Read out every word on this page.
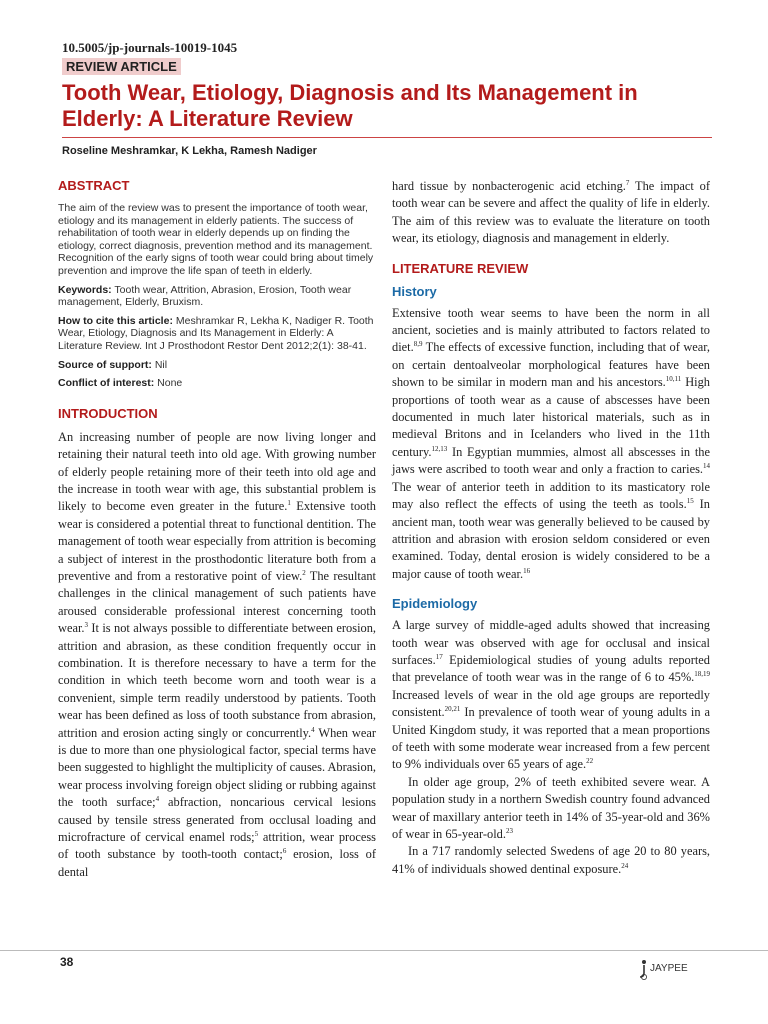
10.5005/jp-journals-10019-1045
REVIEW ARTICLE
Tooth Wear, Etiology, Diagnosis and Its Management in Elderly: A Literature Review
Roseline Meshramkar, K Lekha, Ramesh Nadiger

ABSTRACT

The aim of the review was to present the importance of tooth wear, etiology and its management in elderly patients. The success of rehabilitation of tooth wear in elderly depends up on finding the etiology, correct diagnosis, prevention method and its management. Recognition of the early signs of tooth wear could bring about timely prevention and improve the life span of teeth in elderly.

Keywords: Tooth wear, Attrition, Abrasion, Erosion, Tooth wear management, Elderly, Bruxism.

How to cite this article: Meshramkar R, Lekha K, Nadiger R. Tooth Wear, Etiology, Diagnosis and Its Management in Elderly: A Literature Review. Int J Prosthodont Restor Dent 2012;2(1): 38-41.

Source of support: Nil

Conflict of interest: None

INTRODUCTION

An increasing number of people are now living longer and retaining their natural teeth into old age. With growing number of elderly people retaining more of their teeth into old age and the increase in tooth wear with age, this substantial problem is likely to become even greater in the future.$^1$ Extensive tooth wear is considered a potential threat to functional dentition. The management of tooth wear especially from attrition is becoming a subject of interest in the prosthodontic literature both from a preventive and from a restorative point of view.$^2$ The resultant challenges in the clinical management of such patients have aroused considerable professional interest concerning tooth wear.$^3$ It is not always possible to differentiate between erosion, attrition and abrasion, as these condition frequently occur in combination. It is therefore necessary to have a term for the condition in which teeth become worn and tooth wear is a convenient, simple term readily understood by patients. Tooth wear has been defined as loss of tooth substance from abrasion, attrition and erosion acting singly or concurrently.$^4$ When wear is due to more than one physiological factor, special terms have been suggested to highlight the multiplicity of causes. Abrasion, wear process involving foreign object sliding or rubbing against the tooth surface;$^4$ abfraction, noncarious cervical lesions caused by tensile stress generated from occlusal loading and microfracture of cervical enamel rods;$^5$ attrition, wear process of tooth substance by tooth-tooth contact;$^6$ erosion, loss of dental

hard tissue by nonbacterogenic acid etching.$^7$ The impact of tooth wear can be severe and affect the quality of life in elderly. The aim of this review was to evaluate the literature on tooth wear, its etiology, diagnosis and management in elderly.

LITERATURE REVIEW

History

Extensive tooth wear seems to have been the norm in all ancient, societies and is mainly attributed to factors related to diet.$^{8,9}$ The effects of excessive function, including that of wear, on certain dentoalveolar morphological features have been shown to be similar in modern man and his ancestors.$^{10,11}$ High proportions of tooth wear as a cause of abscesses have been documented in much later historical materials, such as in medieval Britons and in Icelanders who lived in the 11th century.$^{12,13}$ In Egyptian mummies, almost all abscesses in the jaws were ascribed to tooth wear and only a fraction to caries.$^{14}$ The wear of anterior teeth in addition to its masticatory role may also reflect the effects of using the teeth as tools.$^{15}$ In ancient man, tooth wear was generally believed to be caused by attrition and abrasion with erosion seldom considered or even examined. Today, dental erosion is widely considered to be a major cause of tooth wear.$^{16}$

Epidemiology

A large survey of middle-aged adults showed that increasing tooth wear was observed with age for occlusal and insical surfaces.$^{17}$ Epidemiological studies of young adults reported that prevelance of tooth wear was in the range of 6 to 45%.$^{18,19}$ Increased levels of wear in the old age groups are reportedly consistent.$^{20,21}$ In prevalence of tooth wear of young adults in a United Kingdom study, it was reported that a mean proportions of teeth with some moderate wear increased from a few percent to 9% individuals over 65 years of age.$^{22}$

In older age group, 2% of teeth exhibited severe wear. A population study in a northern Swedish country found advanced wear of maxillary anterior teeth in 14% of 35-year-old and 36% of wear in 65-year-old.$^{23}$

In a 717 randomly selected Swedens of age 20 to 80 years, 41% of individuals showed dentinal exposure.$^{24}$

38	JAYPEE
